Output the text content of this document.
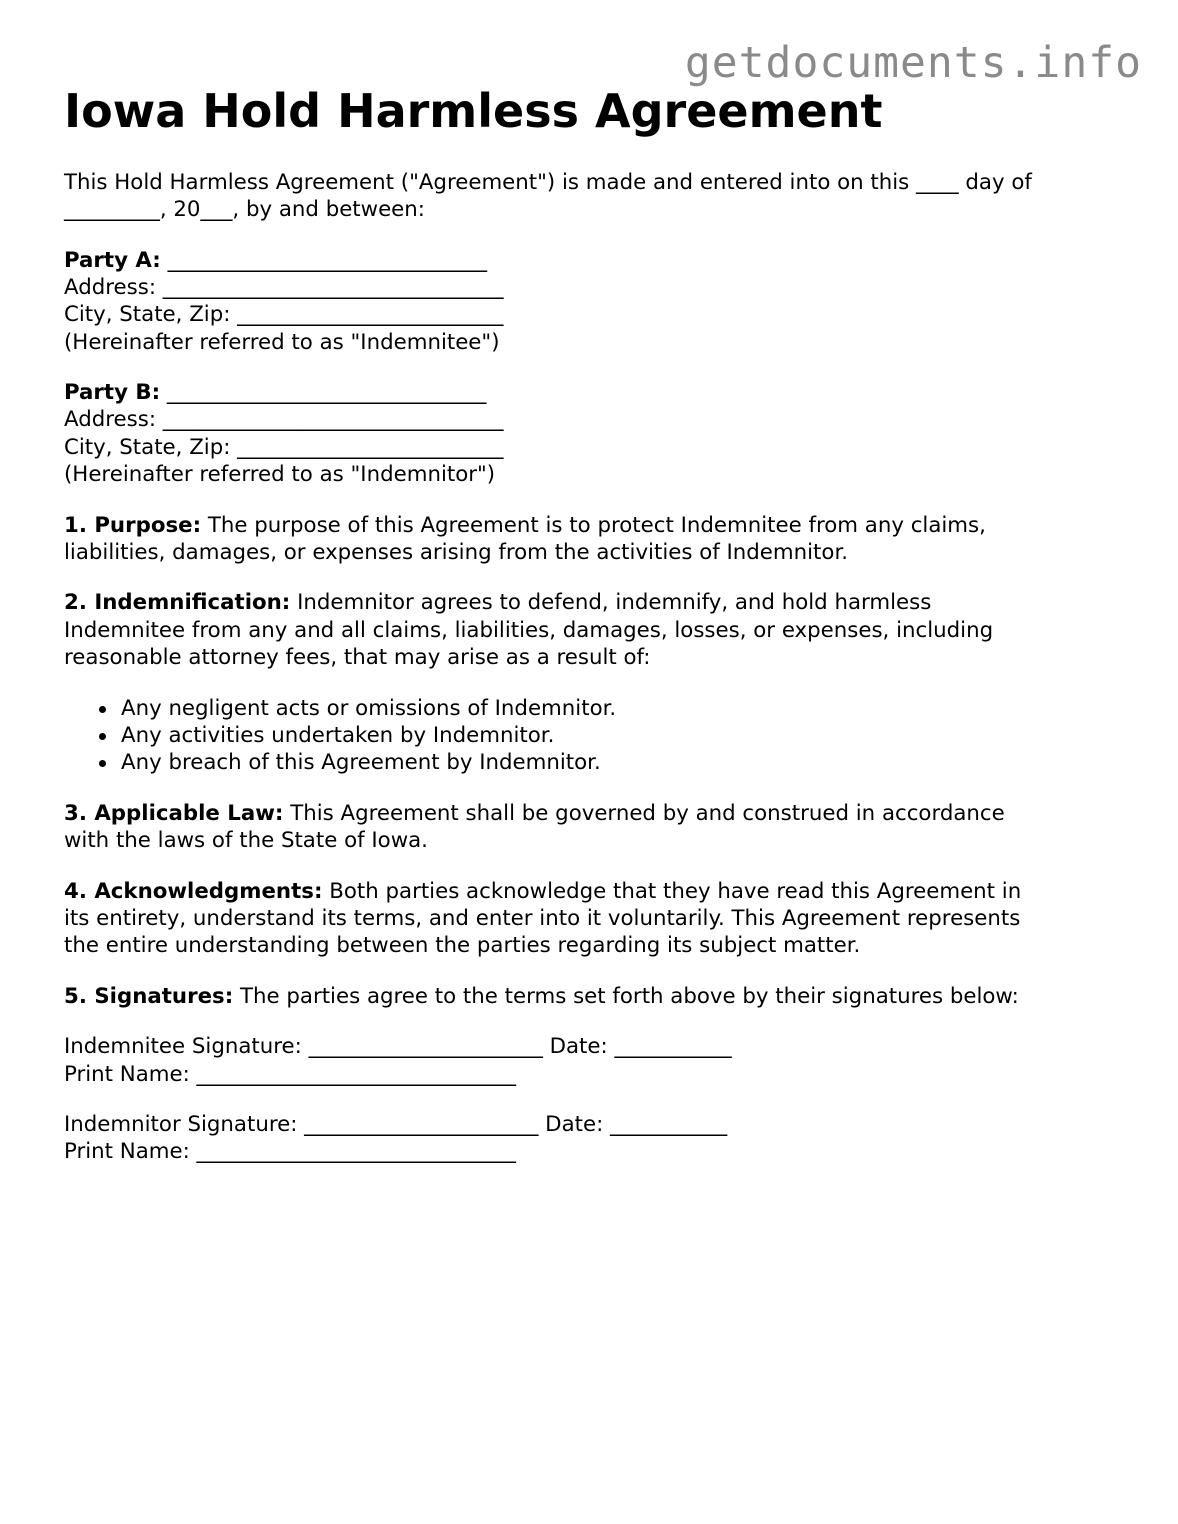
getdocuments.info
Iowa Hold Harmless Agreement

This Hold Harmless Agreement ("Agreement") is made and entered into on this ____ day of
_________, 20___, by and between:

Party A: ______________________________
Address: ________________________________
City, State, Zip: _________________________
(Hereinafter referred to as "Indemnitee")

Party B: ______________________________
Address: ________________________________
City, State, Zip: _________________________
(Hereinafter referred to as "Indemnitor")

1. Purpose: The purpose of this Agreement is to protect Indemnitee from any claims,
liabilities, damages, or expenses arising from the activities of Indemnitor.

2. Indemnification: Indemnitor agrees to defend, indemnify, and hold harmless
Indemnitee from any and all claims, liabilities, damages, losses, or expenses, including
reasonable attorney fees, that may arise as a result of:

Any negligent acts or omissions of Indemnitor.
Any activities undertaken by Indemnitor.
Any breach of this Agreement by Indemnitor.

3. Applicable Law: This Agreement shall be governed by and construed in accordance
with the laws of the State of Iowa.

4. Acknowledgments: Both parties acknowledge that they have read this Agreement in
its entirety, understand its terms, and enter into it voluntarily. This Agreement represents
the entire understanding between the parties regarding its subject matter.

5. Signatures: The parties agree to the terms set forth above by their signatures below:

Indemnitee Signature: ______________________ Date: ___________
Print Name: ______________________________

Indemnitor Signature: ______________________ Date: ___________
Print Name: ______________________________
